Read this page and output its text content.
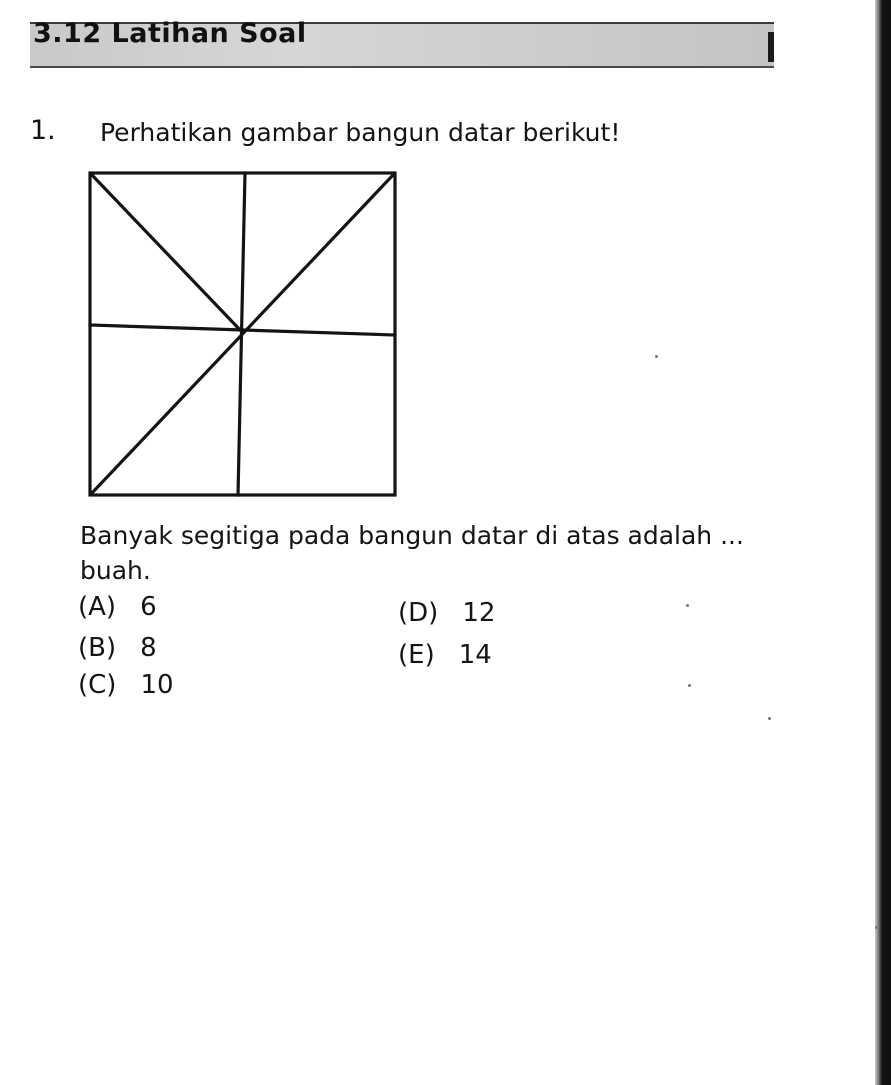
3.12 Latihan Soal
1. Perhatikan gambar bangun datar berikut!
Banyak segitiga pada bangun datar di atas adalah ... buah.
(A) 6
(B) 8
(C) 10
(D) 12
(E) 14
